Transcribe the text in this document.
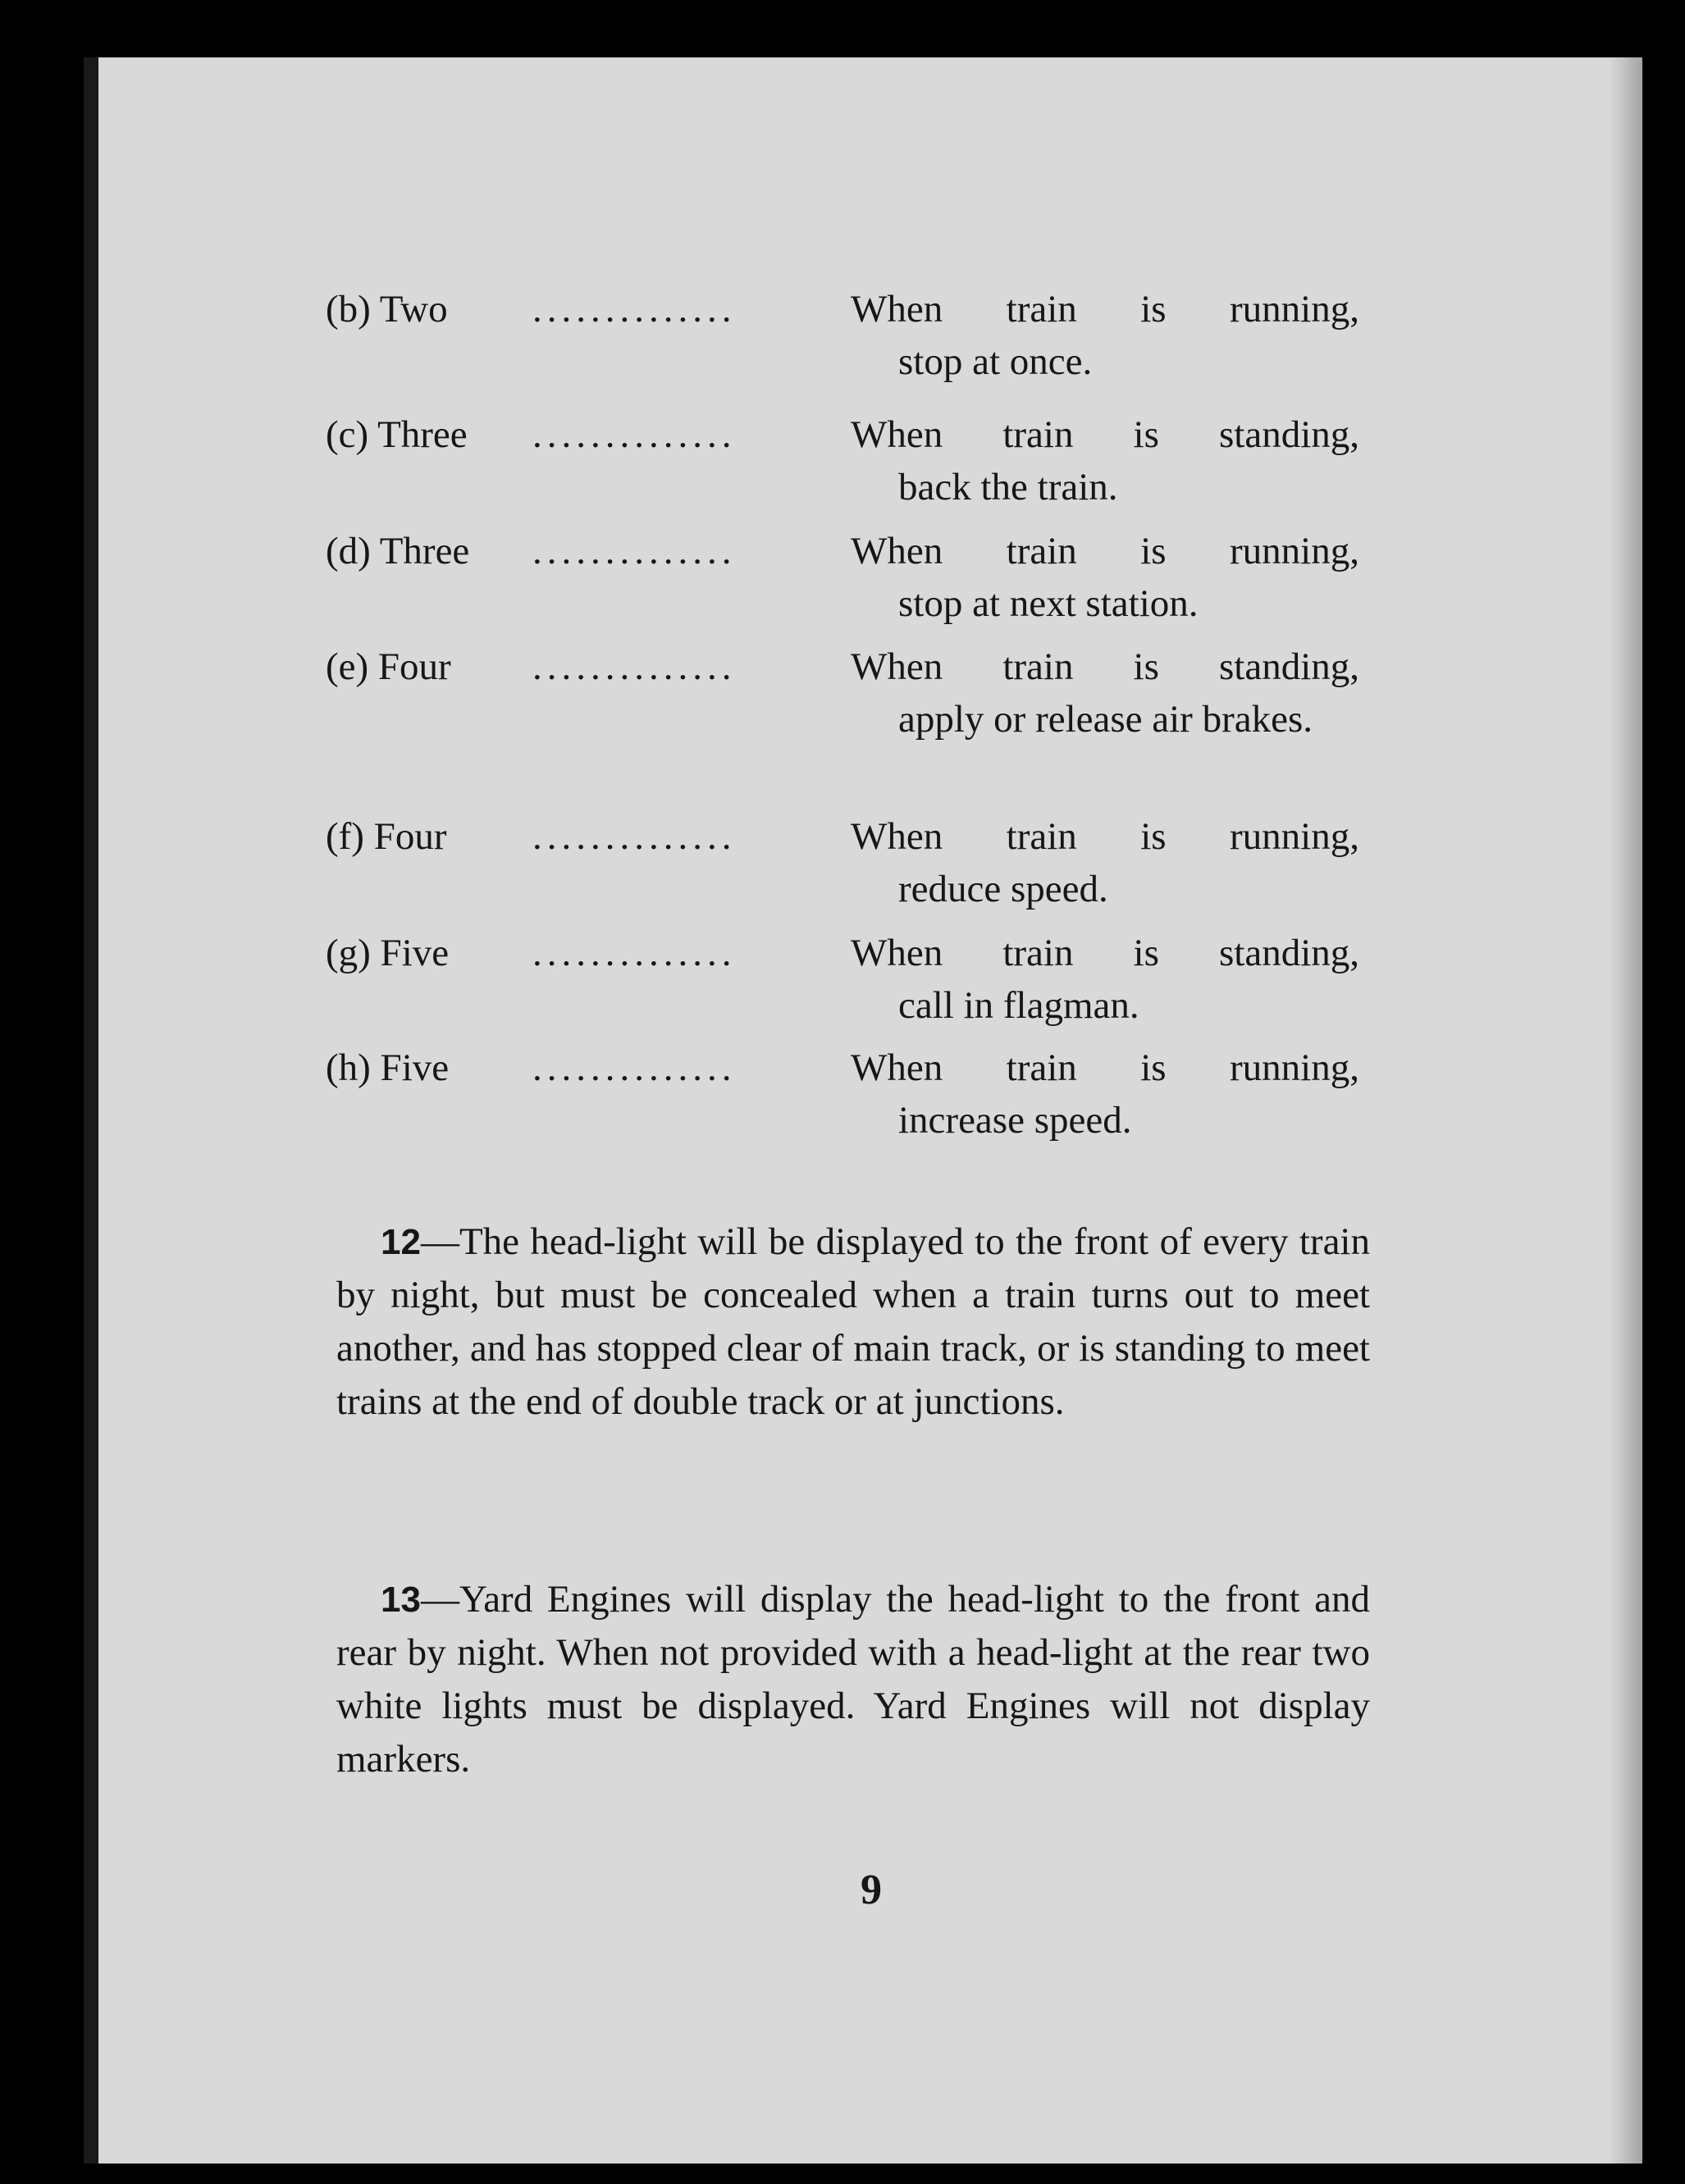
(b) Two ..............	When train is running,
stop at once.
(c) Three ..............	When train is standing,
back the train.
(d) Three ..............	When train is running,
stop at next station.
(e) Four ..............	When train is standing,
apply or release air brakes.
(f) Four ..............	When train is running,
reduce speed.
(g) Five ..............	When train is standing,
call in flagman.
(h) Five ..............	When train is running,
increase speed.

12—The head-light will be displayed to the front of every train by night, but must be concealed when a train turns out to meet another, and has stopped clear of main track, or is standing to meet trains at the end of double track or at junctions.

13—Yard Engines will display the head-light to the front and rear by night. When not provided with a head-light at the rear two white lights must be displayed. Yard Engines will not display markers.

9
